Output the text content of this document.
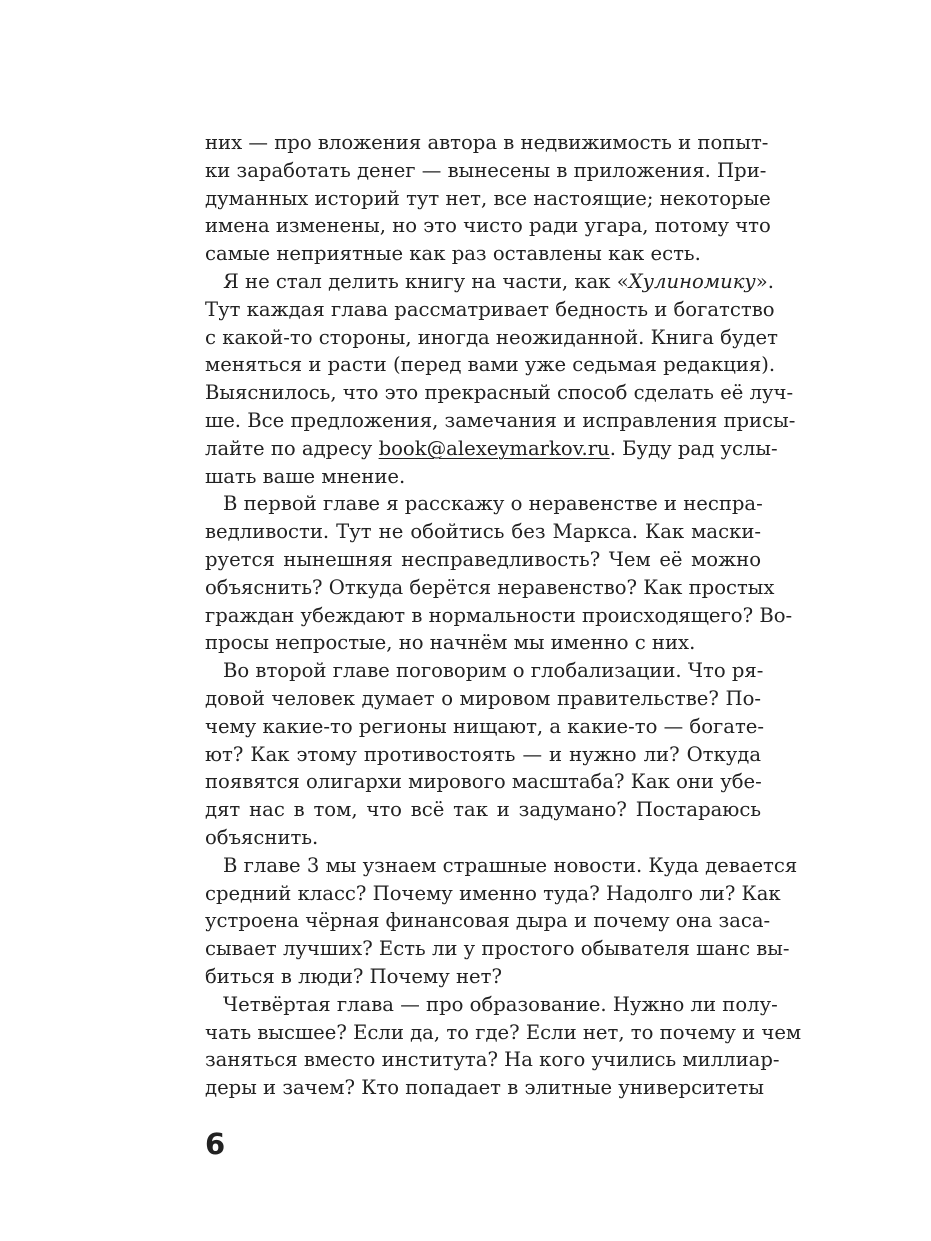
них — про вложения автора в недвижимость и попыт-
ки заработать денег — вынесены в приложения. При-
думанных историй тут нет, все настоящие; некоторые
имена изменены, но это чисто ради угара, потому что
самые неприятные как раз оставлены как есть.
Я не стал делить книгу на части, как «Хулиномику».
Тут каждая глава рассматривает бедность и богатство
с какой-то стороны, иногда неожиданной. Книга будет
меняться и расти (перед вами уже седьмая редакция).
Выяснилось, что это прекрасный способ сделать её луч-
ше. Все предложения, замечания и исправления присы-
лайте по адресу book@alexeymarkov.ru. Буду рад услы-
шать ваше мнение.
В первой главе я расскажу о неравенстве и неспра-
ведливости. Тут не обойтись без Маркса. Как маски-
руется нынешняя несправедливость? Чем её можно
объяснить? Откуда берётся неравенство? Как простых
граждан убеждают в нормальности происходящего? Во-
просы непростые, но начнём мы именно с них.
Во второй главе поговорим о глобализации. Что ря-
довой человек думает о мировом правительстве? По-
чему какие-то регионы нищают, а какие-то — богате-
ют? Как этому противостоять — и нужно ли? Откуда
появятся олигархи мирового масштаба? Как они убе-
дят нас в том, что всё так и задумано? Постараюсь
объяснить.
В главе 3 мы узнаем страшные новости. Куда девается
средний класс? Почему именно туда? Надолго ли? Как
устроена чёрная финансовая дыра и почему она заса-
сывает лучших? Есть ли у простого обывателя шанс вы-
биться в люди? Почему нет?
Четвёртая глава — про образование. Нужно ли полу-
чать высшее? Если да, то где? Если нет, то почему и чем
заняться вместо института? На кого учились миллиар-
деры и зачем? Кто попадает в элитные университеты
6
